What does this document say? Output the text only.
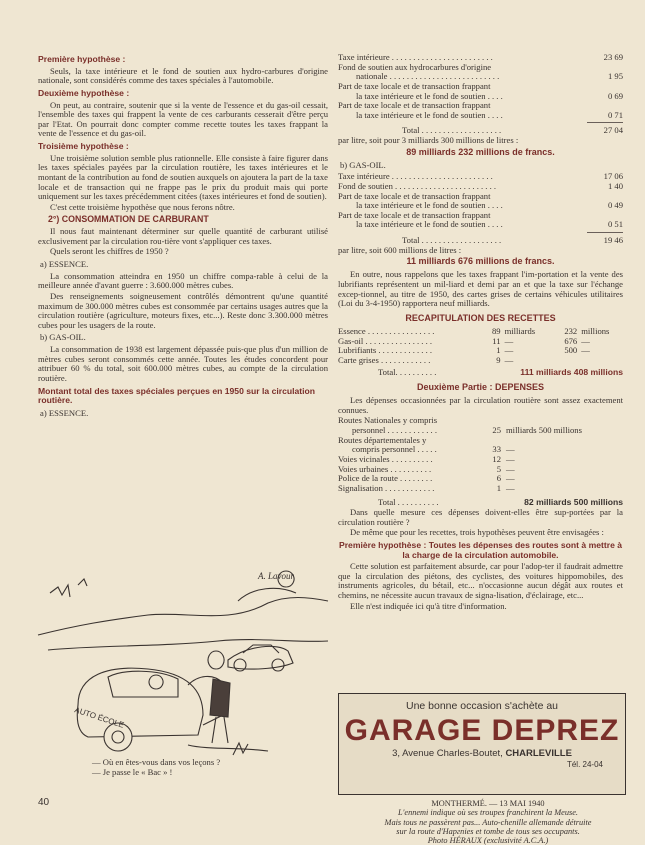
Première hypothèse :

Seuls, la taxe intérieure et le fond de soutien aux hydro-carbures d'origine nationale, sont considérés comme des taxes spéciales à l'automobile.

Deuxième hypothèse :

On peut, au contraire, soutenir que si la vente de l'essence et du gas-oil cessait, l'ensemble des taxes qui frappent la vente de ces carburants cesserait d'être perçu par l'Etat. On pourrait donc compter comme recette toutes les taxes frappant la vente de l'essence et du gas-oil.

Troisième hypothèse :

Une troisième solution semble plus rationnelle. Elle consiste à faire figurer dans les taxes spéciales payées par la circulation routière, les taxes intérieures et le montant de la contribution au fond de soutien auxquels on ajoutera la part de la taxe locale et de transaction qui ne frappe pas le prix du produit mais qui porte uniquement sur les taxes précédemment citées (taxes intérieures et fond de soutien).

C'est cette troisième hypothèse que nous ferons nôtre.

2°) CONSOMMATION DE CARBURANT

Il nous faut maintenant déterminer sur quelle quantité de carburant utilisé exclusivement par la circulation rou-tière vont s'appliquer ces taxes.

Quels seront les chiffres de 1950 ?

a) ESSENCE.

La consommation atteindra en 1950 un chiffre compa-rable à celui de la meilleure année d'avant guerre : 3.600.000 mètres cubes.

Des renseignements soigneusement contrôlés démontrent qu'une quantité maximum de 300.000 mètres cubes est consommée par certains usages autres que la circulation routière (agriculture, moteurs fixes, etc...). Reste donc 3.300.000 mètres cubes pour les usagers de la route.

b) GAS-OIL.

La consommation de 1938 est largement dépassée puis-que plus d'un million de mètres cubes seront consommés cette année. Toutes les études concordent pour attribuer 60 % du total, soit 600.000 mètres cubes, au compte de la circulation routière.

Montant total des taxes spéciales perçues en 1950 sur la circulation routière.
a) ESSENCE.
AUTO ÉCOLE
A. Lavour
— Où en êtes-vous dans vos leçons ?
— Je passe le « Bac » !
40
Taxe intérieure . . . . . . . . . . . . . . . . . . . . . . . .	23 69
Fond de soutien aux hydrocarbures d'origine
nationale . . . . . . . . . . . . . . . . . . . . . . . . . .	1 95
Part de taxe locale et de transaction frappant
la taxe intérieure et le fond de soutien . . . .	0 69
Part de taxe locale et de transaction frappant
la taxe intérieure et le fond de soutien . . . .	0 71
Total . . . . . . . . . . . . . . . . . . .	27 04

par litre, soit pour 3 milliards 300 millions de litres :

89 milliards 232 millions de francs.
b) GAS-OIL.
Taxe intérieure . . . . . . . . . . . . . . . . . . . . . . . .	17 06
Fond de soutien . . . . . . . . . . . . . . . . . . . . . . . .	1 40
Part de taxe locale et de transaction frappant
la taxe intérieure et le fond de soutien . . . .	0 49
Part de taxe locale et de transaction frappant
la taxe intérieure et le fond de soutien . . . .	0 51
Total . . . . . . . . . . . . . . . . . . .	19 46

par litre, soit 600 millions de litres :

11 milliards 676 millions de francs.

En outre, nous rappelons que les taxes frappant l'im-portation et la vente des lubrifiants représentent un mil-liard et demi par an et que la taxe sur l'échange excep-tionnel, au titre de 1950, des cartes grises de certains véhicules utilitaires (Loi du 3-4-1950) rapportera neuf milliards.

RECAPITULATION DES RECETTES
Essence . . . . . . . . . . . . . . . .	89 milliards	232 millions
Gas-oil . . . . . . . . . . . . . . . .	11 —	676 —
Lubrifiants . . . . . . . . . . . . .	1 —	500 —
Carte grises . . . . . . . . . . . .	9 —
Total. . . . . . . . . .	111 milliards 408 millions
Deuxième Partie : DEPENSES

Les dépenses occasionnées par la circulation routière sont assez exactement connues.

Routes Nationales y compris
personnel . . . . . . . . . . . .	25 milliards 500 millions
Routes départementales y
compris personnel . . . . .	33 —
Voies vicinales . . . . . . . . . .	12 —
Voies urbaines . . . . . . . . . .	5 —
Police de la route . . . . . . . .	6 —
Signalisation . . . . . . . . . . . .	1 —
Total . . . . . . . . . .	82 milliards 500 millions

Dans quelle mesure ces dépenses doivent-elles être sup-portées par la circulation routière ?

De même que pour les recettes, trois hypothèses peuvent être envisagées :

Première hypothèse : Toutes les dépenses des routes sont à mettre à la charge de la circulation automobile.

Cette solution est parfaitement absurde, car pour l'adop-ter il faudrait admettre que la circulation des piétons, des cyclistes, des voitures hippomobiles, des instruments agricoles, du bétail, etc... n'occasionne aucun dégât aux routes et chemins, ne nécessite aucun travaux de signa-lisation, d'éclairage, etc...

Elle n'est indiquée ici qu'à titre d'information.

Une bonne occasion s'achète au
GARAGE DEPREZ
3, Avenue Charles-Boutet, CHARLEVILLE
Tél. 24-04
MONTHERMÉ. — 13 MAI 1940
L'ennemi indique où ses troupes franchirent la Meuse.
Mais tous ne passèrent pas... Auto-chenille allemande détruite
sur la route d'Haргnies et tombe de tous ses occupants.
Photo HÉRAUX (exclusivité A.C.A.)
